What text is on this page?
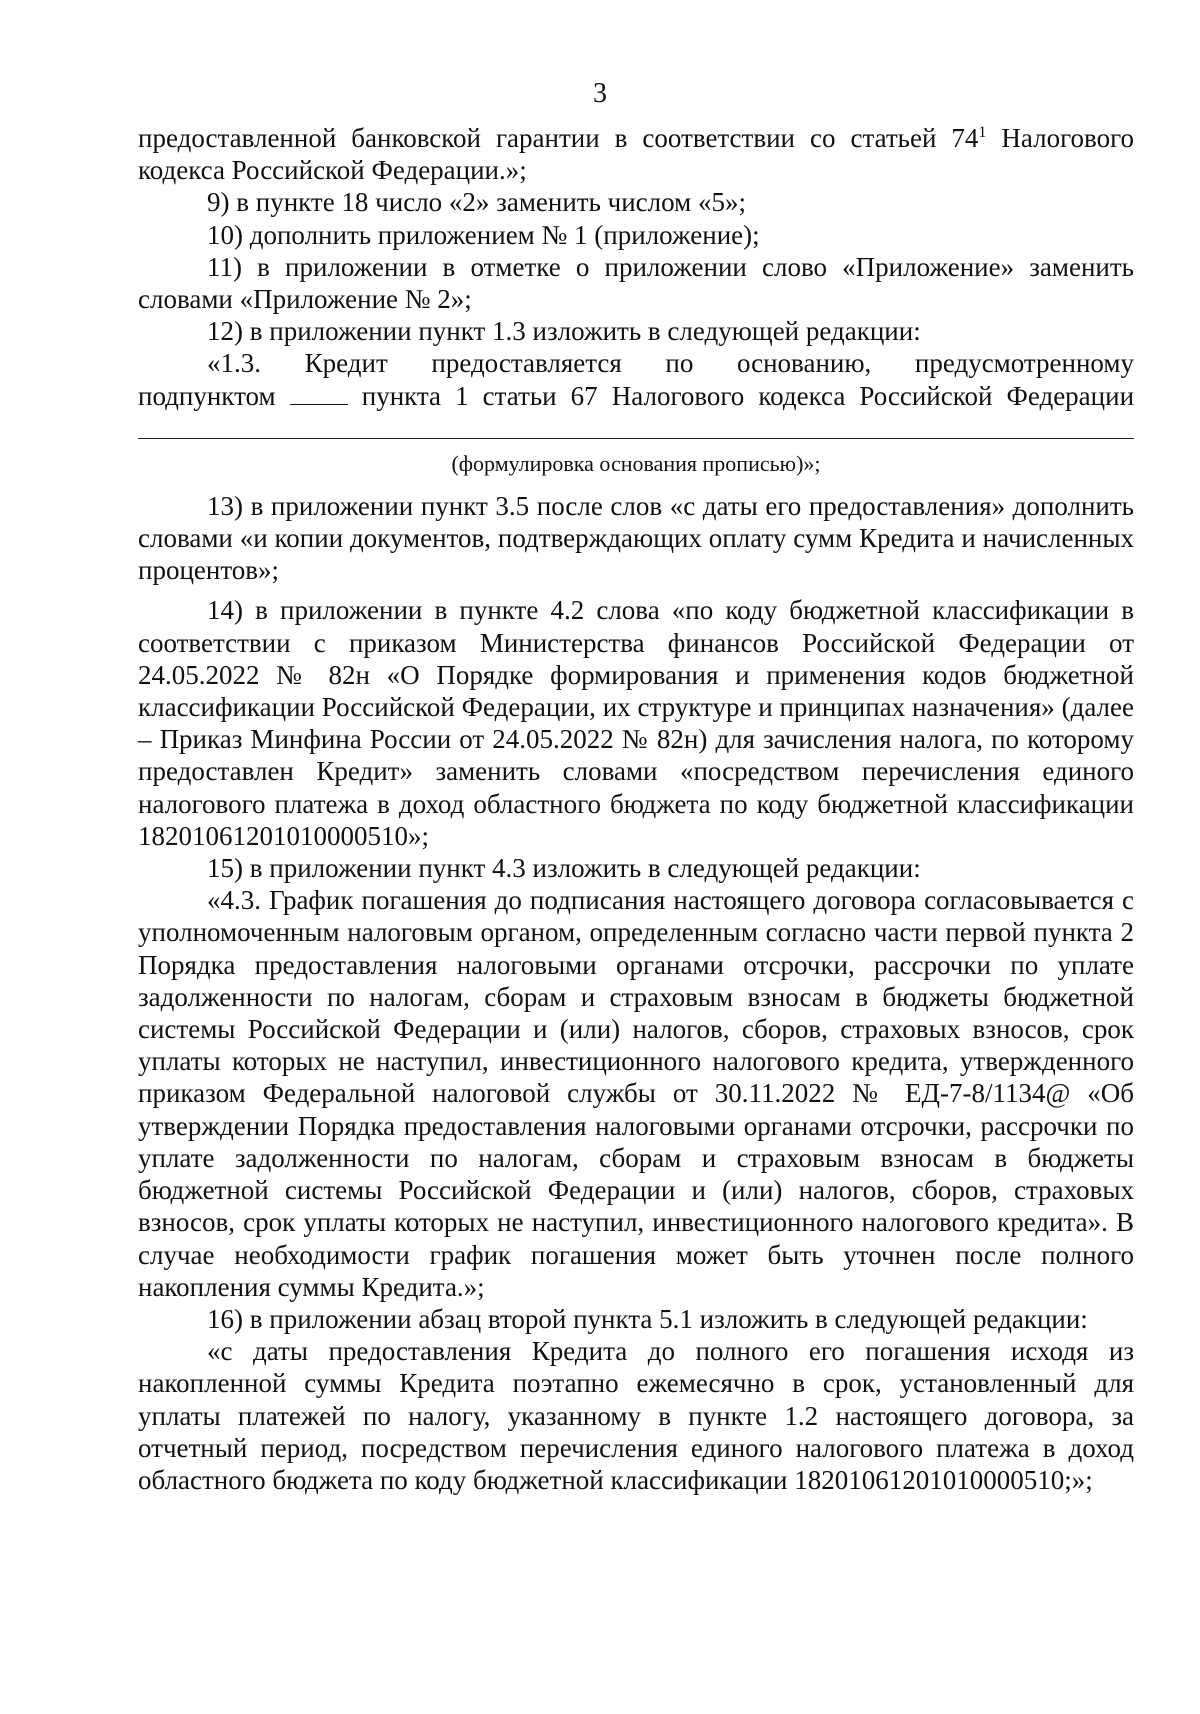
3

предоставленной банковской гарантии в соответствии со статьей $74^1$ Налогового кодекса Российской Федерации.»;

9) в пункте 18 число «2» заменить числом «5»;

10) дополнить приложением № 1 (приложение);

11) в приложении в отметке о приложении слово «Приложение» заменить словами «Приложение № 2»;

12) в приложении пункт 1.3 изложить в следующей редакции:

«1.3. Кредит предоставляется по основанию, предусмотренному

подпунктом	пункта 1 статьи 67 Налогового кодекса Российской Федерации

(формулировка основания прописью)»;

13) в приложении пункт 3.5 после слов «с даты его предоставления» дополнить словами «и копии документов, подтверждающих оплату сумм Кредита и начисленных процентов»;

14) в приложении в пункте 4.2 слова «по коду бюджетной классификации в соответствии с приказом Министерства финансов Российской Федерации от 24.05.2022 № 82н «О Порядке формирования и применения кодов бюджетной классификации Российской Федерации, их структуре и принципах назначения» (далее – Приказ Минфина России от 24.05.2022 № 82н) для зачисления налога, по которому предоставлен Кредит» заменить словами «посредством перечисления единого налогового платежа в доход областного бюджета по коду бюджетной классификации 18201061201010000510»;

15) в приложении пункт 4.3 изложить в следующей редакции:

«4.3. График погашения до подписания настоящего договора согласовывается с уполномоченным налоговым органом, определенным согласно части первой пункта 2 Порядка предоставления налоговыми органами отсрочки, рассрочки по уплате задолженности по налогам, сборам и страховым взносам в бюджеты бюджетной системы Российской Федерации и (или) налогов, сборов, страховых взносов, срок уплаты которых не наступил, инвестиционного налогового кредита, утвержденного приказом Федеральной налоговой службы от 30.11.2022 № ЕД-7-8/1134@ «Об утверждении Порядка предоставления налоговыми органами отсрочки, рассрочки по уплате задолженности по налогам, сборам и страховым взносам в бюджеты бюджетной системы Российской Федерации и (или) налогов, сборов, страховых взносов, срок уплаты которых не наступил, инвестиционного налогового кредита». В случае необходимости график погашения может быть уточнен после полного накопления суммы Кредита.»;

16) в приложении абзац второй пункта 5.1 изложить в следующей редакции:

«с даты предоставления Кредита до полного его погашения исходя из накопленной суммы Кредита поэтапно ежемесячно в срок, установленный для уплаты платежей по налогу, указанному в пункте 1.2 настоящего договора, за отчетный период, посредством перечисления единого налогового платежа в доход областного бюджета по коду бюджетной классификации 18201061201010000510;»;
